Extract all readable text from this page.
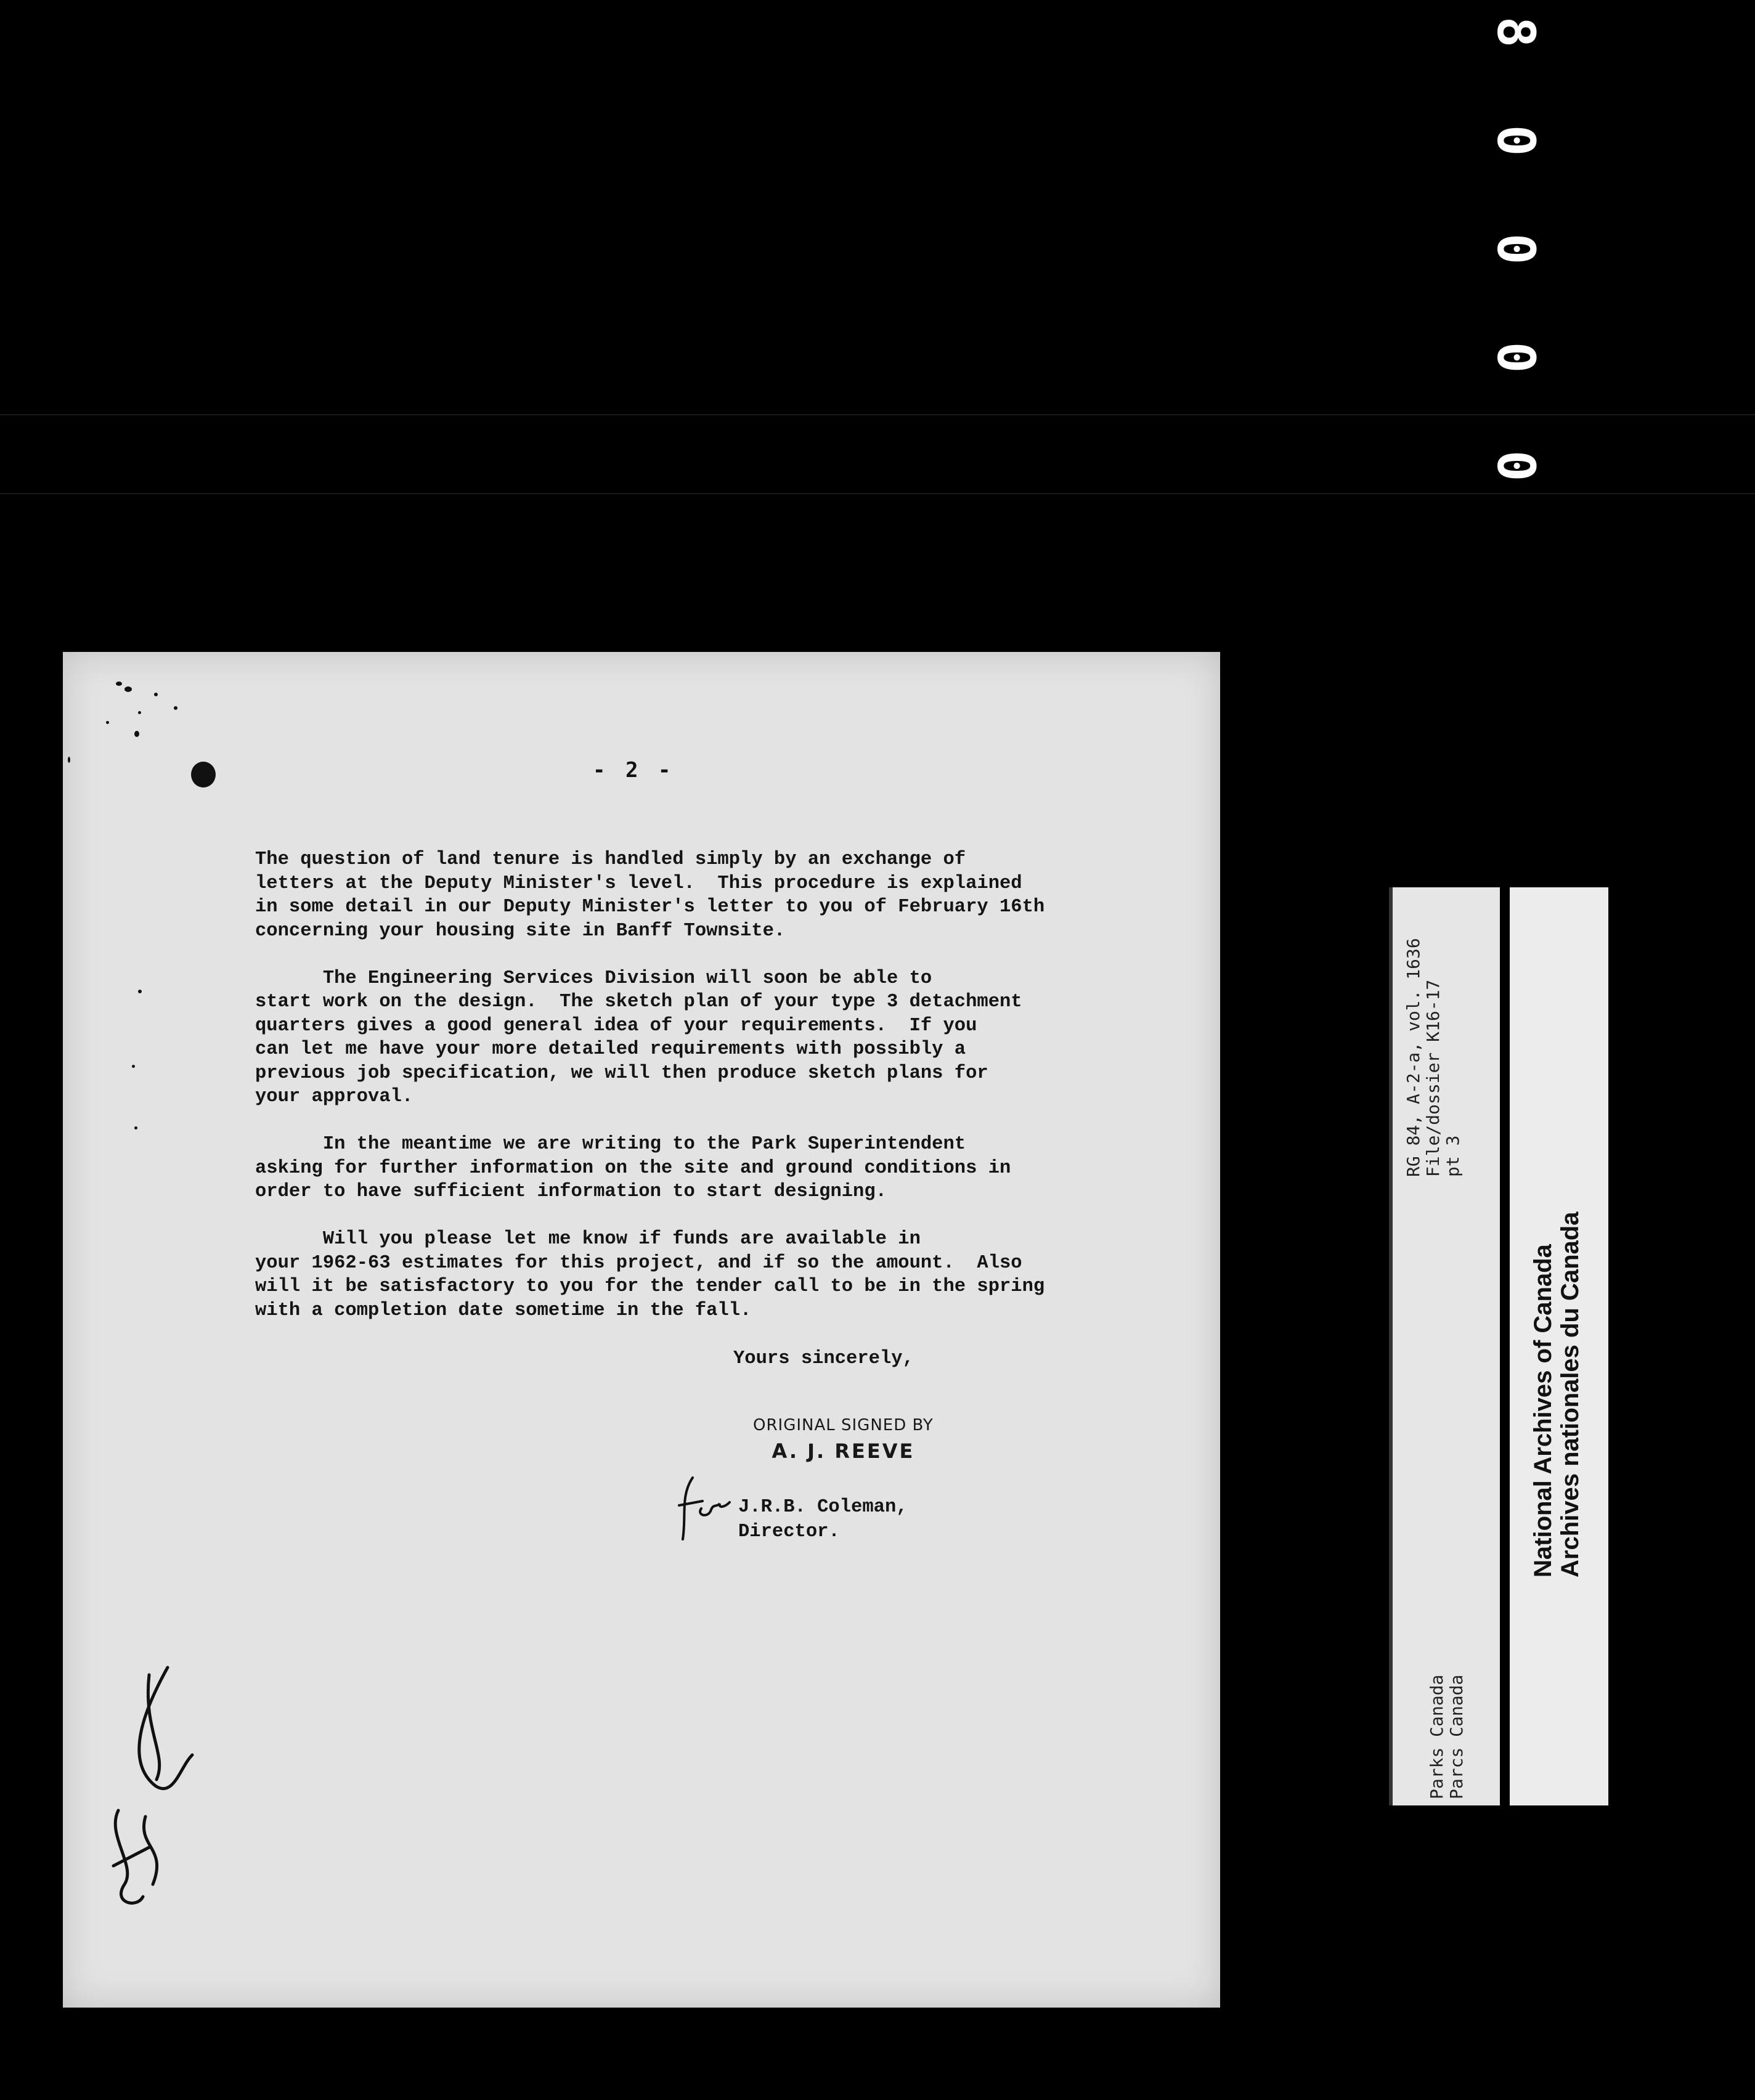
8
0
0
0
0
- 2 -
The question of land tenure is handled simply by an exchange of
letters at the Deputy Minister's level.  This procedure is explained
in some detail in our Deputy Minister's letter to you of February 16th
concerning your housing site in Banff Townsite.
The Engineering Services Division will soon be able to
start work on the design.  The sketch plan of your type 3 detachment
quarters gives a good general idea of your requirements.  If you
can let me have your more detailed requirements with possibly a
previous job specification, we will then produce sketch plans for
your approval.
In the meantime we are writing to the Park Superintendent
asking for further information on the site and ground conditions in
order to have sufficient information to start designing.
Will you please let me know if funds are available in
your 1962-63 estimates for this project, and if so the amount.  Also
will it be satisfactory to you for the tender call to be in the spring
with a completion date sometime in the fall.
Yours sincerely,
ORIGINAL SIGNED BY
A. J. REEVE
J.R.B. Coleman,
Director.
RG 84, A-2-a, vol. 1636 File/dossier K16-17 pt 3
Parks Canada Parcs Canada
National Archives of Canada Archives nationales du Canada
